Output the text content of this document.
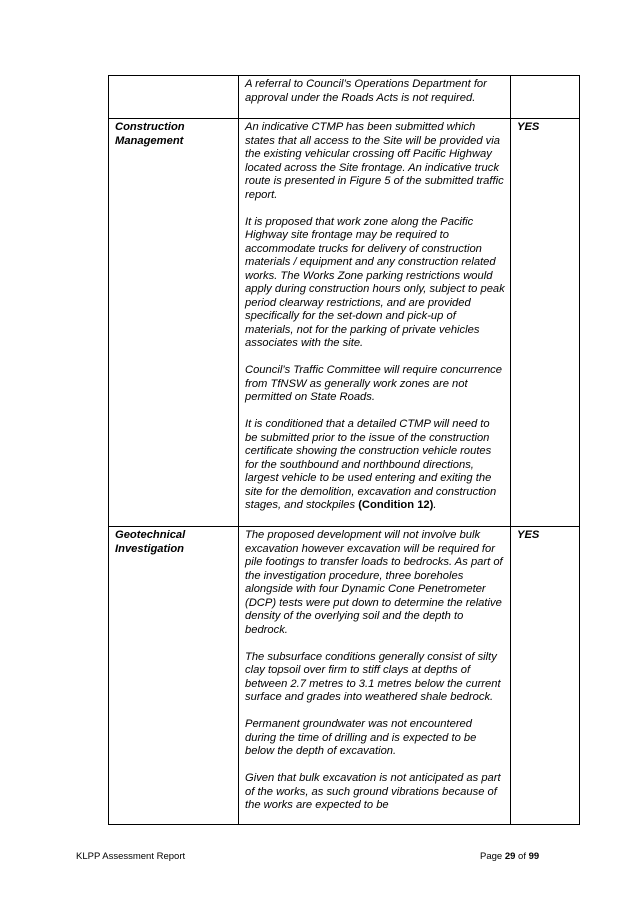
	A referral to Council’s Operations Department for approval under the Roads Acts is not required.	

Construction Management	An indicative CTMP has been submitted which states that all access to the Site will be provided via the existing vehicular crossing off Pacific Highway located across the Site frontage. An indicative truck route is presented in Figure 5 of the submitted traffic report.

It is proposed that work zone along the Pacific Highway site frontage may be required to accommodate trucks for delivery of construction materials / equipment and any construction related works. The Works Zone parking restrictions would apply during construction hours only, subject to peak period clearway restrictions, and are provided specifically for the set-down and pick-up of materials, not for the parking of private vehicles associates with the site.

Council’s Traffic Committee will require concurrence from TfNSW as generally work zones are not permitted on State Roads.

It is conditioned that a detailed CTMP will need to be submitted prior to the issue of the construction certificate showing the construction vehicle routes for the southbound and northbound directions, largest vehicle to be used entering and exiting the site for the demolition, excavation and construction stages, and stockpiles (Condition 12).	YES
Geotechnical Investigation	The proposed development will not involve bulk excavation however excavation will be required for pile footings to transfer loads to bedrocks. As part of the investigation procedure, three boreholes alongside with four Dynamic Cone Penetrometer (DCP) tests were put down to determine the relative density of the overlying soil and the depth to bedrock.

The subsurface conditions generally consist of silty clay topsoil over firm to stiff clays at depths of between 2.7 metres to 3.1 metres below the current surface and grades into weathered shale bedrock.

Permanent groundwater was not encountered during the time of drilling and is expected to be below the depth of excavation.

Given that bulk excavation is not anticipated as part of the works, as such ground vibrations because of the works are expected to be	YES
KLPP Assessment Report	Page 29 of 99
